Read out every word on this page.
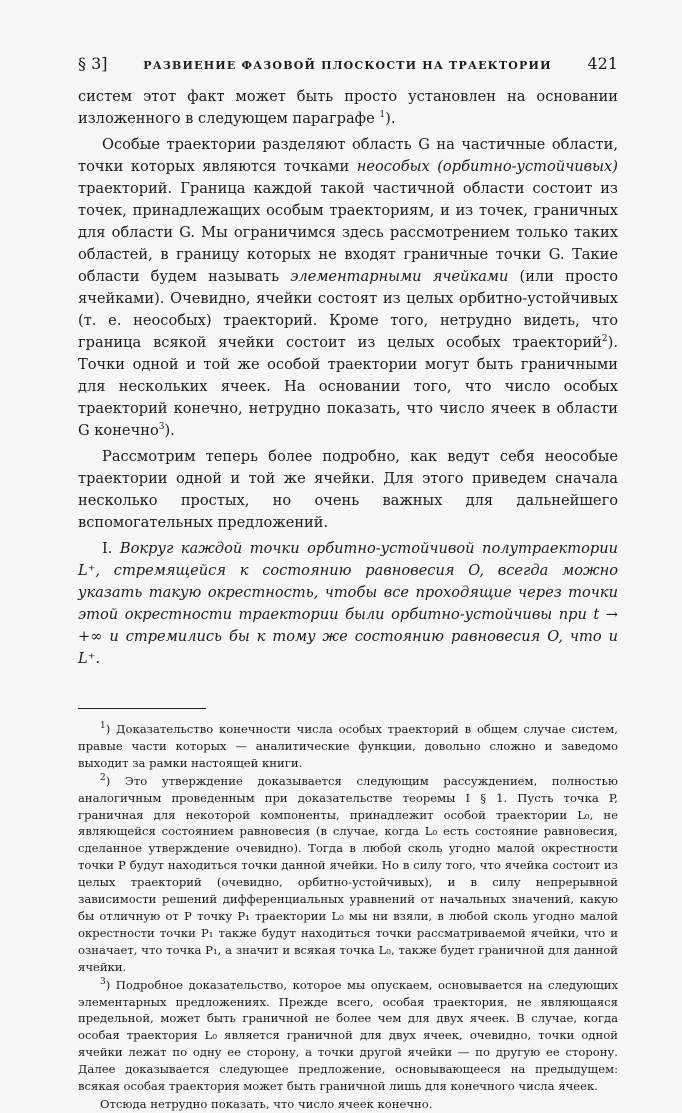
§ 3]	РАЗВИЕНИЕ ФАЗОВОЙ ПЛОСКОСТИ НА ТРАЕКТОРИИ 421

систем этот факт может быть просто установлен на основании изложенного в следующем параграфе $^1$).

Особые траектории разделяют область G на частичные области, точки которых являются точками неособых (орбитно-устойчивых) траекторий. Граница каждой такой частичной области состоит из точек, принадлежащих особым траекториям, и из точек, граничных для области G. Мы ограничимся здесь рассмотрением только таких областей, в границу которых не входят граничные точки G. Такие области будем называть элементарными ячейками (или просто ячейками). Очевидно, ячейки состоят из целых орбитно-устойчивых (т. е. неособых) траекторий. Кроме того, нетрудно видеть, что граница всякой ячейки состоит из целых особых траекторий$^2$). Точки одной и той же особой траектории могут быть граничными для нескольких ячеек. На основании того, что число особых траекторий конечно, нетрудно показать, что число ячеек в области G конечно$^3$).

Рассмотрим теперь более подробно, как ведут себя неособые траектории одной и той же ячейки. Для этого приведем сначала несколько простых, но очень важных для дальнейшего вспомогательных предложений.

I. Вокруг каждой точки орбитно-устойчивой полутраектории L⁺, стремящейся к состоянию равновесия O, всегда можно указать такую окрестность, чтобы все проходящие через точки этой окрестности траектории были орбитно-устойчивы при t → +∞ и стремились бы к тому же состоянию равновесия O, что и L⁺.

$^1$) Доказательство конечности числа особых траекторий в общем случае систем, правые части которых — аналитические функции, довольно сложно и заведомо выходит за рамки настоящей книги.

$^2$) Это утверждение доказывается следующим рассуждением, полностью аналогичным проведенным при доказательстве теоремы I § 1. Пусть точка P, граничная для некоторой компоненты, принадлежит особой траектории L₀, не являющейся состоянием равновесия (в случае, когда L₀ есть состояние равновесия, сделанное утверждение очевидно). Тогда в любой сколь угодно малой окрестности точки P будут находиться точки данной ячейки. Но в силу того, что ячейка состоит из целых траекторий (очевидно, орбитно-устойчивых), и в силу непрерывной зависимости решений дифференциальных уравнений от начальных значений, какую бы отличную от P точку P₁ траектории L₀ мы ни взяли, в любой сколь угодно малой окрестности точки P₁ также будут находиться точки рассматриваемой ячейки, что и означает, что точка P₁, а значит и всякая точка L₀, также будет граничной для данной ячейки.

$^3$) Подробное доказательство, которое мы опускаем, основывается на следующих элементарных предложениях. Прежде всего, особая траектория, не являющаяся предельной, может быть граничной не более чем для двух ячеек. В случае, когда особая траектория L₀ является граничной для двух ячеек, очевидно, точки одной ячейки лежат по одну ее сторону, а точки другой ячейки — по другую ее сторону. Далее доказывается следующее предложение, основывающееся на предыдущем: всякая особая траектория может быть граничной лишь для конечного числа ячеек.

Отсюда нетрудно показать, что число ячеек конечно.
